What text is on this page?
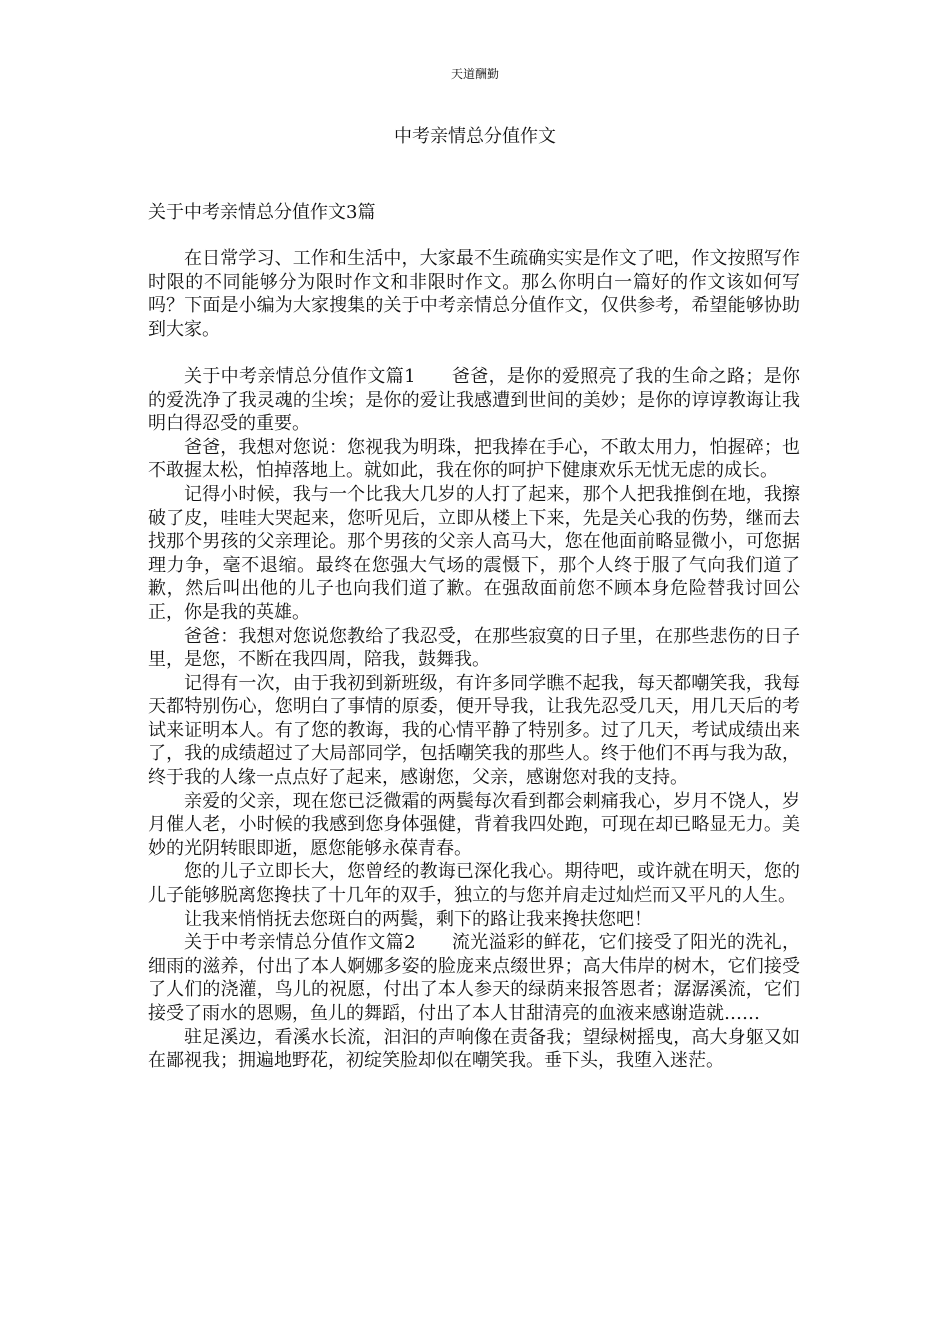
天道酬勤
中考亲情总分值作文
关于中考亲情总分值作文3篇

在日常学习、工作和生活中，大家最不生疏确实实是作文了吧，作文按照写作时限的不同能够分为限时作文和非限时作文。那么你明白一篇好的作文该如何写吗？下面是小编为大家搜集的关于中考亲情总分值作文，仅供参考，希望能够协助到大家。

关于中考亲情总分值作文篇1 爸爸，是你的爱照亮了我的生命之路；是你的爱洗净了我灵魂的尘埃；是你的爱让我感遭到世间的美妙；是你的谆谆教诲让我明白得忍受的重要。

爸爸，我想对您说：您视我为明珠，把我捧在手心，不敢太用力，怕握碎；也不敢握太松，怕掉落地上。就如此，我在你的呵护下健康欢乐无忧无虑的成长。

记得小时候，我与一个比我大几岁的人打了起来，那个人把我推倒在地，我擦破了皮，哇哇大哭起来，您听见后，立即从楼上下来，先是关心我的伤势，继而去找那个男孩的父亲理论。那个男孩的父亲人高马大，您在他面前略显微小，可您据理力争，毫不退缩。最终在您强大气场的震慑下，那个人终于服了气向我们道了歉，然后叫出他的儿子也向我们道了歉。在强敌面前您不顾本身危险替我讨回公正，你是我的英雄。

爸爸：我想对您说您教给了我忍受，在那些寂寞的日子里，在那些悲伤的日子里，是您，不断在我四周，陪我，鼓舞我。

记得有一次，由于我初到新班级，有许多同学瞧不起我，每天都嘲笑我，我每天都特别伤心，您明白了事情的原委，便开导我，让我先忍受几天，用几天后的考试来证明本人。有了您的教诲，我的心情平静了特别多。过了几天，考试成绩出来了，我的成绩超过了大局部同学，包括嘲笑我的那些人。终于他们不再与我为敌，终于我的人缘一点点好了起来，感谢您，父亲，感谢您对我的支持。

亲爱的父亲，现在您已泛微霜的两鬓每次看到都会刺痛我心，岁月不饶人，岁月催人老，小时候的我感到您身体强健，背着我四处跑，可现在却已略显无力。美妙的光阴转眼即逝，愿您能够永葆青春。

您的儿子立即长大，您曾经的教诲已深化我心。期待吧，或许就在明天，您的儿子能够脱离您搀扶了十几年的双手，独立的与您并肩走过灿烂而又平凡的人生。

让我来悄悄抚去您斑白的两鬓，剩下的路让我来搀扶您吧！

关于中考亲情总分值作文篇2 流光溢彩的鲜花，它们接受了阳光的洗礼，细雨的滋养，付出了本人婀娜多姿的脸庞来点缀世界；高大伟岸的树木，它们接受了人们的浇灌，鸟儿的祝愿，付出了本人参天的绿荫来报答恩者；潺潺溪流，它们接受了雨水的恩赐，鱼儿的舞蹈，付出了本人甘甜清亮的血液来感谢造就……

驻足溪边，看溪水长流，汩汩的声响像在责备我；望绿树摇曳，高大身躯又如在鄙视我；拥遍地野花，初绽笑脸却似在嘲笑我。垂下头，我堕入迷茫。
